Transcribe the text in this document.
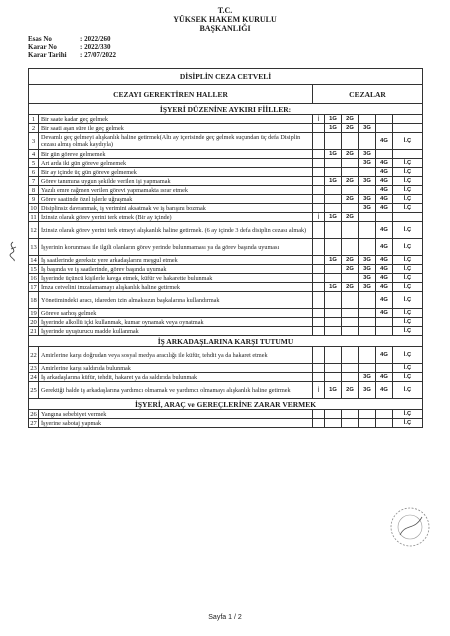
T.C.
YÜKSEK HAKEM KURULU
BAŞKANLIĞI
Esas No	: 2022/260
Karar No	: 2022/330
Karar Tarihi : 27/07/2022
DİSİPLİN CEZA CETVELİ							
CEZAYI GEREKTİREN HALLER		CEZALAR					
İŞYERİ DÜZENİNE AYKIRI FİİLLER:							
1	Bir saate kadar geç gelmek	İ	1G	2G			
2	Bir saati aşan süre ile geç gelmek		1G	2G	3G		
3	Devamlı geç gelmeyi alışkanlık haline getirmek(Altı ay içerisinde geç gelmek suçundan üç defa Disiplin cezası almış olmak kaydıyla)					4G	İ.Ç
4	Bir gün göreve gelmemek		1G	2G	3G		
5	Art arda iki gün göreve gelmemek				3G	4G	İ.Ç
6	Bir ay içinde üç gün göreve gelmemek					4G	İ.Ç
7	Görev tanımına uygun şekilde verilen işi yapmamak		1G	2G	3G	4G	İ.Ç
8	Yazılı emre rağmen verilen görevi yapmamakta ısrar etmek					4G	İ.Ç
9	Görev saatinde özel işlerle uğraşmak			2G	3G	4G	İ.Ç
10	Disiplinsiz davranmak, iş verimini aksatmak ve iş barışını bozmak				3G	4G	İ.Ç
11	İzinsiz olarak görev yerini terk etmek (Bir ay içinde)	İ	1G	2G			
12	İzinsiz olarak görev yerini terk etmeyi alışkanlık haline getirmek. (6 ay içinde 3 defa disiplin cezası almak)					4G	İ.Ç
13	İşyerinin korunması ile ilgili olanların görev yerinde bulunmaması ya da görev başında uyuması					4G	İ.Ç
14	İş saatlerinde gereksiz yere arkadaşlarını meşgul etmek		1G	2G	3G	4G	İ.Ç
15	İş başında ve iş saatlerinde, görev başında uyumak			2G	3G	4G	İ.Ç
16	İşyerinde üçüncü kişilerle kavga etmek, küfür ve hakarette bulunmak				3G	4G	İ.Ç
17	İmza cetvelini imzalamamayı alışkanlık haline getirmek		1G	2G	3G	4G	İ.Ç
18	Yönetimindeki aracı, idareden izin almaksızın başkalarına kullandırmak					4G	İ.Ç
19	Göreve sarhoş gelmek					4G	İ.Ç
20	İşyerinde alkollü içki kullanmak, kumar oynamak veya oynatmak						İ.Ç
21	İşyerinde uyuşturucu madde kullanmak						İ.Ç
İŞ ARKADAŞLARINA KARŞI TUTUMU							
22	Amirlerine karşı doğrudan veya sosyal medya aracılığı ile küfür, tehdit ya da hakaret etmek					4G	İ.Ç
23	Amirlerine karşı saldırıda bulunmak						İ.Ç
24	İş arkadaşlarına küfür, tehdit, hakaret ya da saldırıda bulunmak				3G	4G	İ.Ç
25	Gerektiği halde iş arkadaşlarına yardımcı olmamak ve yardımcı olmamayı alışkanlık haline getirmek	İ	1G	2G	3G	4G	İ.Ç
İŞYERİ, ARAÇ ve GEREÇLERİNE ZARAR VERMEK							
26	Yangına sebebiyet vermek						İ.Ç
27	İşyerine sabotaj yapmak						İ.Ç
Sayfa 1 / 2
